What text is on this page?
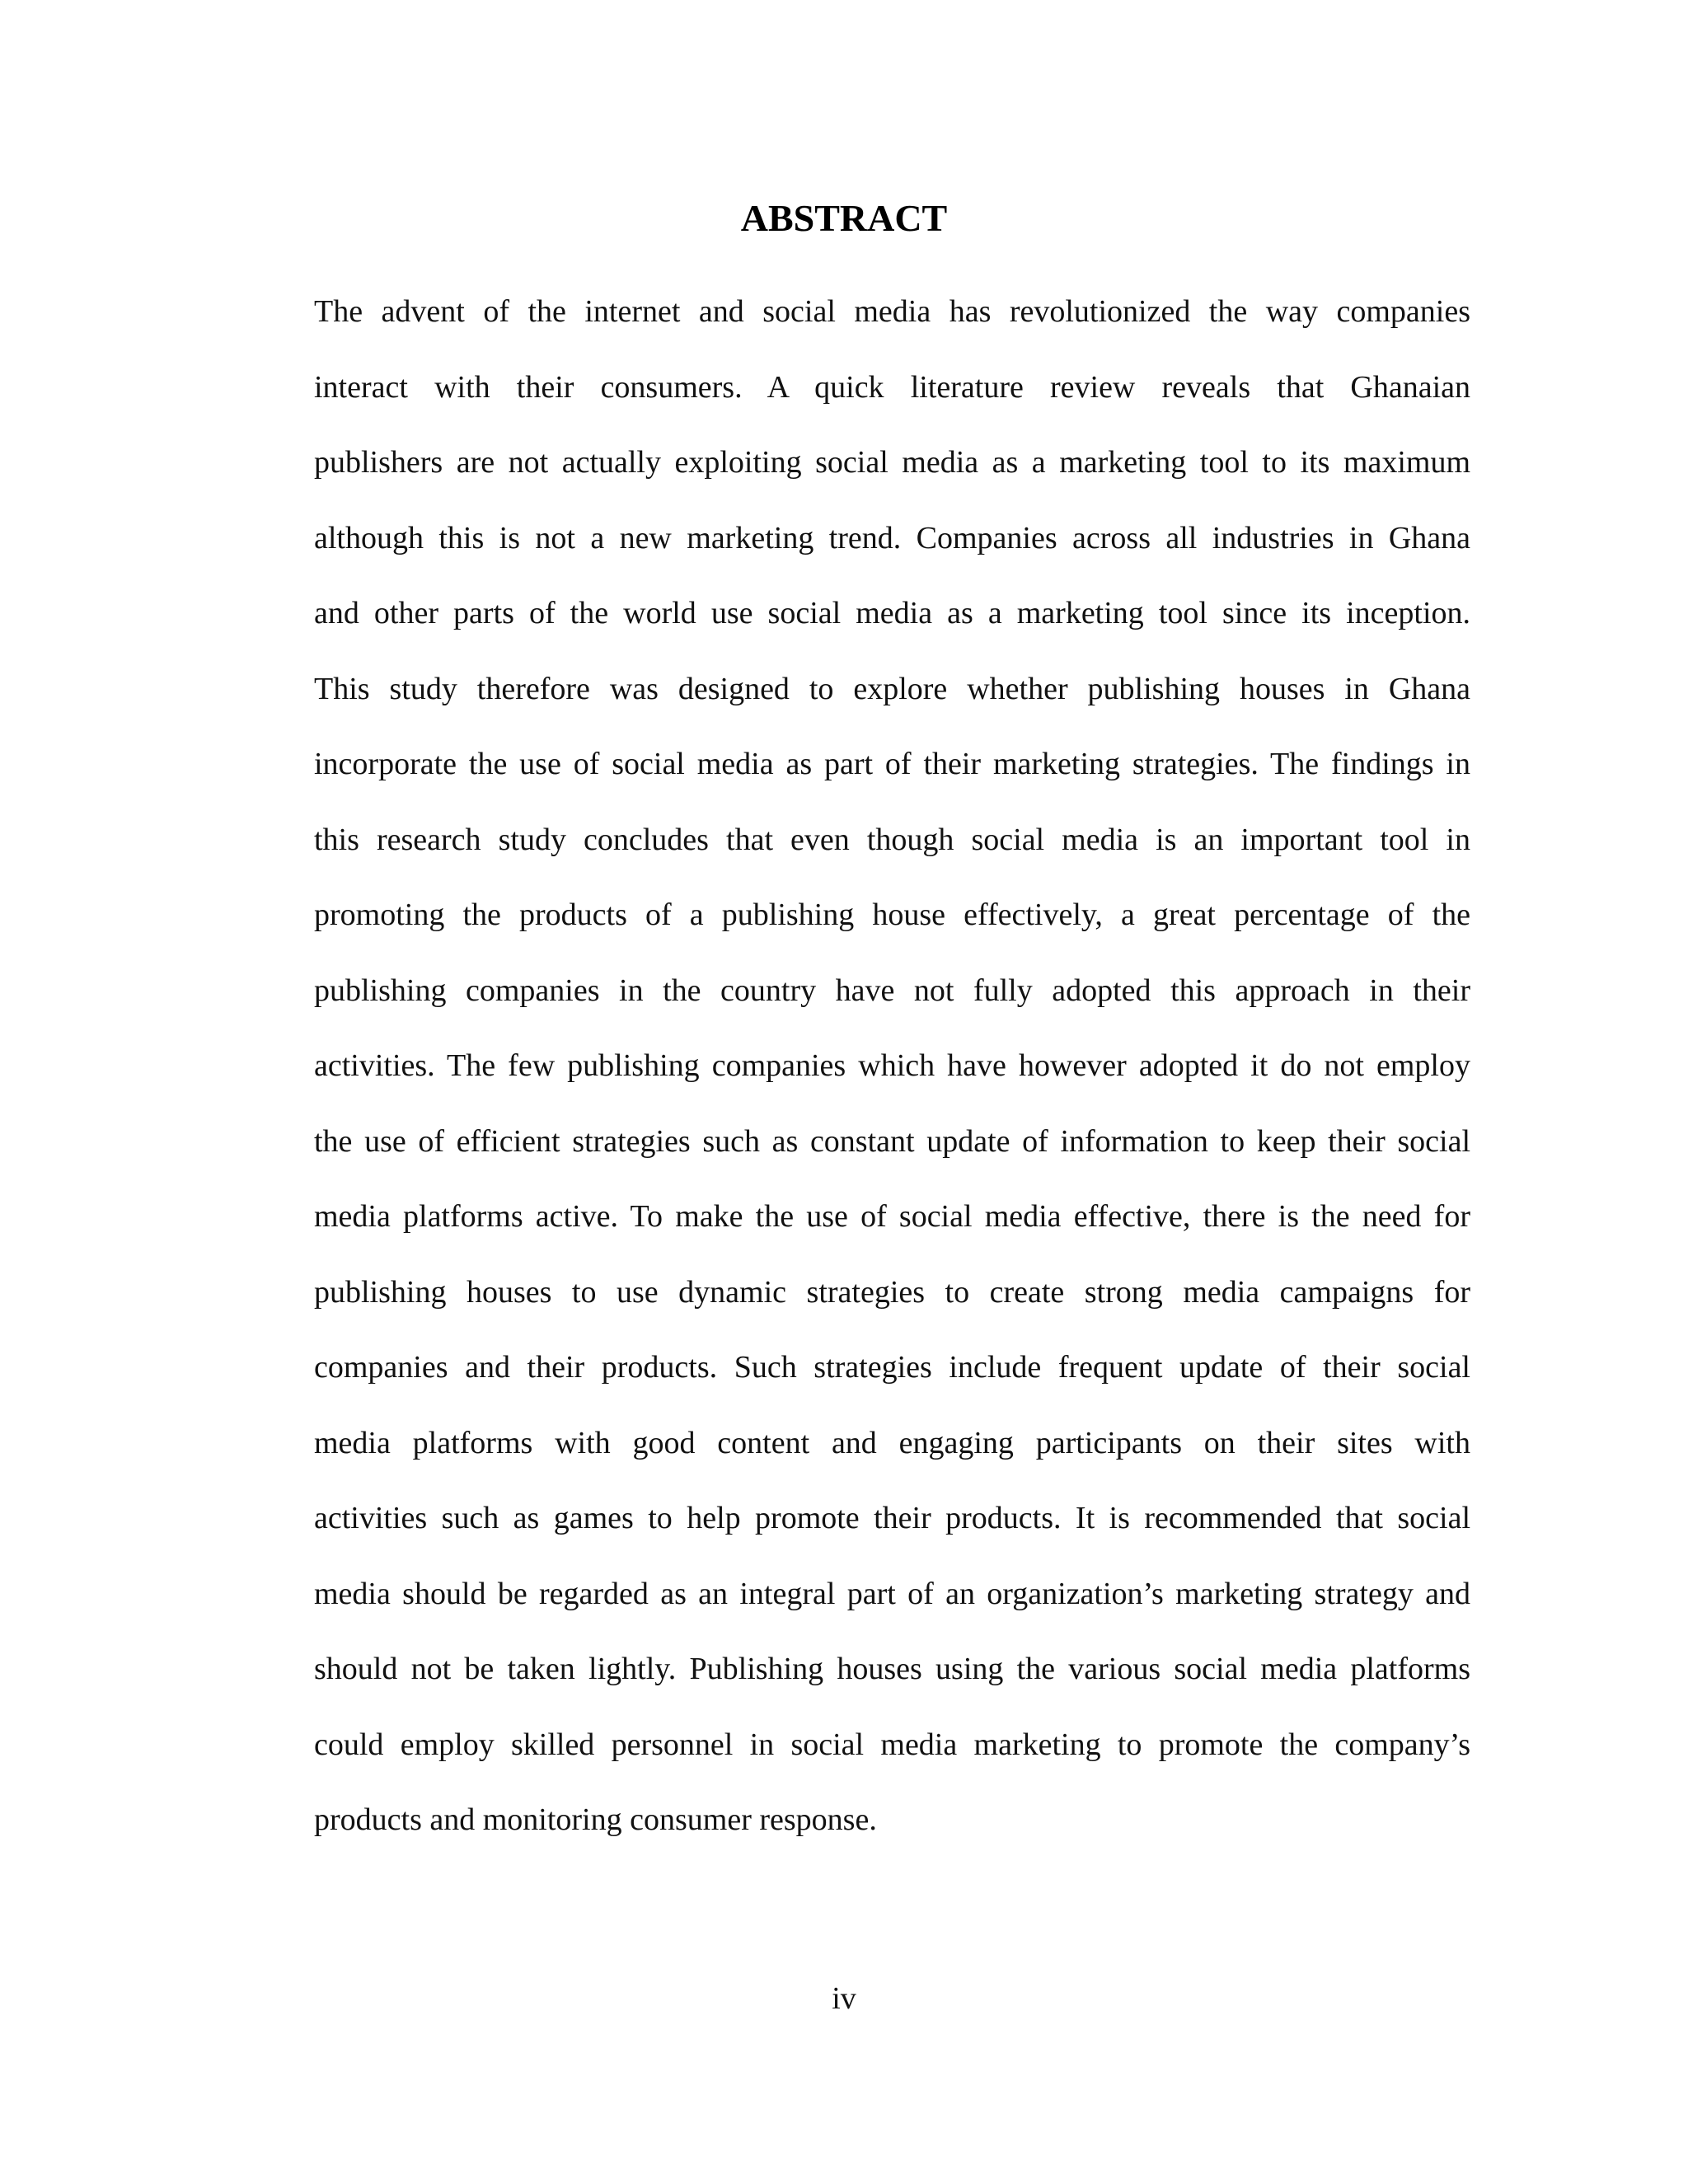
ABSTRACT
The advent of the internet and social media has revolutionized the way companies
interact with their consumers. A quick literature review reveals that Ghanaian
publishers are not actually exploiting social media as a marketing tool to its maximum
although this is not a new marketing trend. Companies across all industries in Ghana
and other parts of the world use social media as a marketing tool since its inception.
This study therefore was designed to explore whether publishing houses in Ghana
incorporate the use of social media as part of their marketing strategies. The findings in
this research study concludes that even though social media is an important tool in
promoting the products of a publishing house effectively, a great percentage of the
publishing companies in the country have not fully adopted this approach in their
activities. The few publishing companies which have however adopted it do not employ
the use of efficient strategies such as constant update of information to keep their social
media platforms active. To make the use of social media effective, there is the need for
publishing houses to use dynamic strategies to create strong media campaigns for
companies and their products. Such strategies include frequent update of their social
media platforms with good content and engaging participants on their sites with
activities such as games to help promote their products. It is recommended that social
media should be regarded as an integral part of an organization’s marketing strategy and
should not be taken lightly. Publishing houses using the various social media platforms
could employ skilled personnel in social media marketing to promote the company’s
products and monitoring consumer response.
iv
